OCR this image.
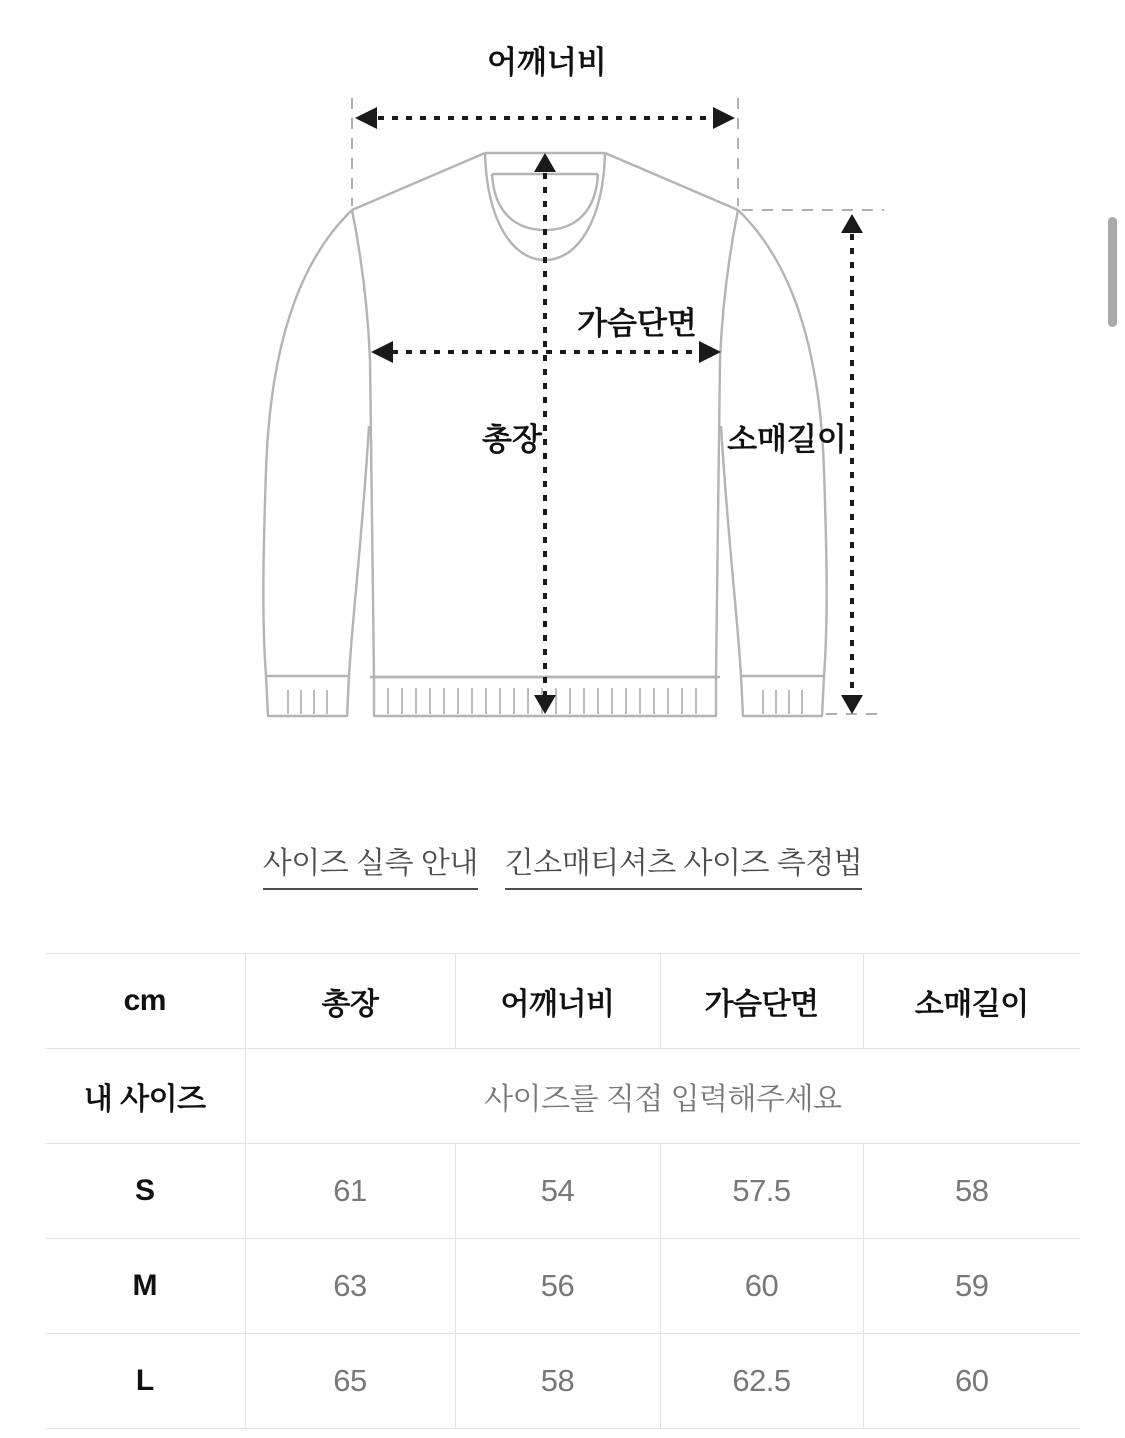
어깨너비
가슴단면
총장	소매길이
사이즈 실측 안내 긴소매티셔츠 사이즈 측정법
cm	총장	어깨너비	가슴단면	소매길이
내 사이즈	사이즈를 직접 입력해주세요			
S	61	54	57.5	58
M	63	56	60	59
L	65	58	62.5	60
